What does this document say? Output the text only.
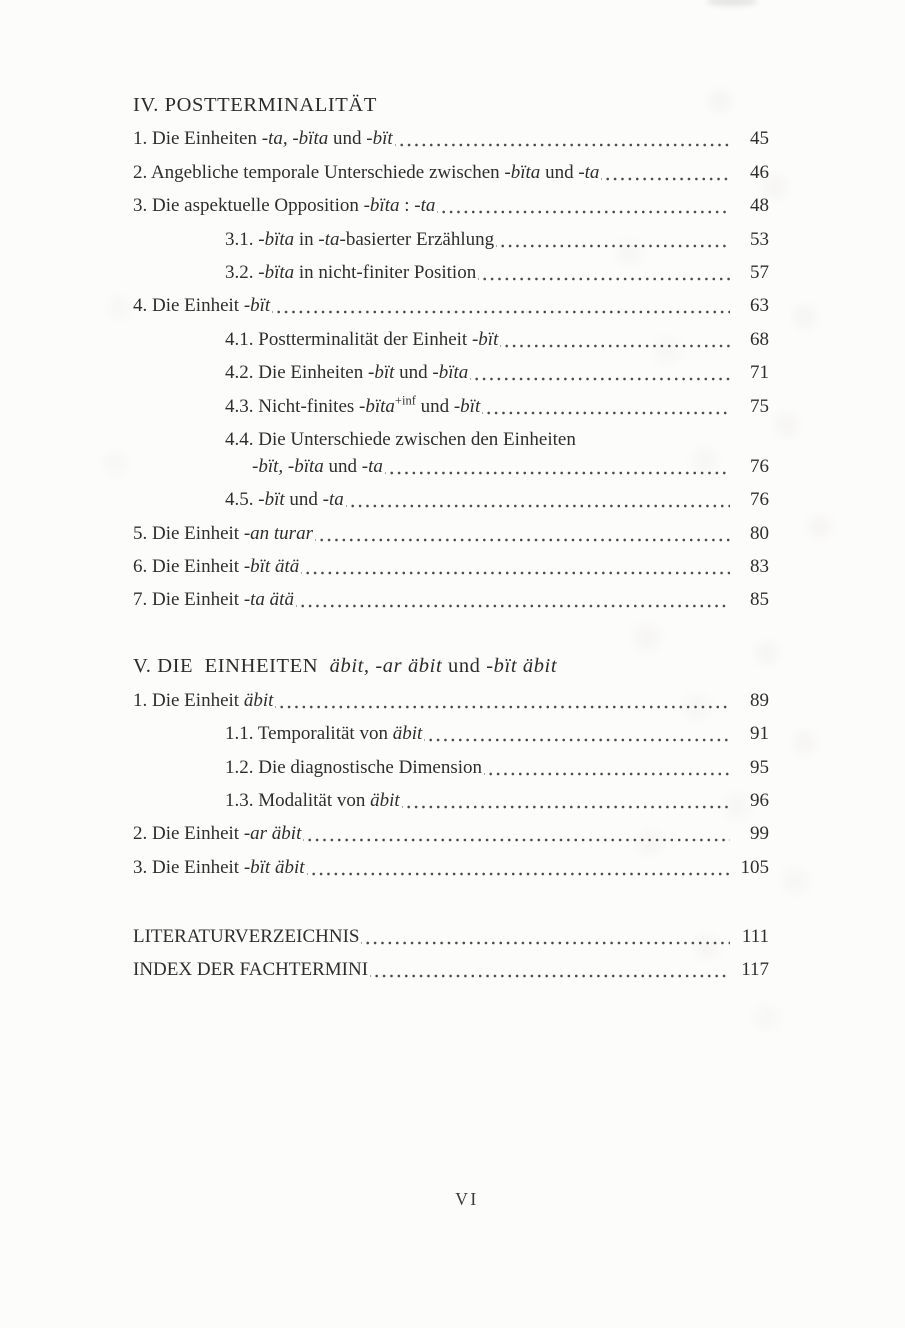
IV. POSTTERMINALITÄT
1. Die Einheiten -ta, -bïta und -bït	45
2. Angebliche temporale Unterschiede zwischen -bïta und -ta	46
3. Die aspektuelle Opposition -bïta : -ta	48
3.1. -bïta in -ta-basierter Erzählung	53
3.2. -bïta in nicht-finiter Position	57
4. Die Einheit -bït	63
4.1. Postterminalität der Einheit -bït	68
4.2. Die Einheiten -bït und -bïta	71
4.3. Nicht-finites -bïta$^{+inf}$ und -bït	75
4.4. Die Unterschiede zwischen den Einheiten
-bït, -bïta und -ta	76
4.5. -bït und -ta	76
5. Die Einheit -an turar	80
6. Die Einheit -bït ätä	83
7. Die Einheit -ta ätä	85
V. DIE  EINHEITEN  äbit, -ar äbit und -bït äbit
1. Die Einheit äbit	89
1.1. Temporalität von äbit	91
1.2. Die diagnostische Dimension	95
1.3. Modalität von äbit	96
2. Die Einheit -ar äbit	99
3. Die Einheit -bït äbit	105
LITERATURVERZEICHNIS	111
INDEX DER FACHTERMINI	117
VI
